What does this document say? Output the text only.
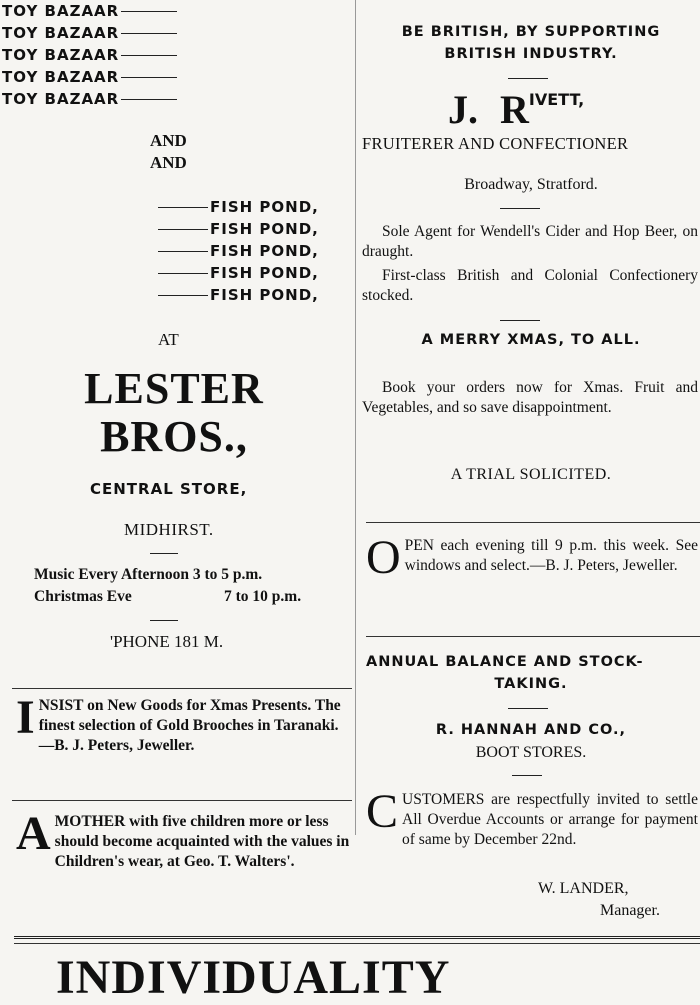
TOY BAZAAR
TOY BAZAAR
TOY BAZAAR
TOY BAZAAR
TOY BAZAAR
AND
AND
FISH POND,
FISH POND,
FISH POND,
FISH POND,
FISH POND,
AT
LESTER
BROS.,
CENTRAL STORE,
MIDHIRST.
Music Every Afternoon 3 to 5 p.m.
Christmas Eve	7 to 10 p.m.
'PHONE 181 M.
INSIST on New Goods for Xmas Presents. The finest selection of Gold Brooches in Taranaki.—B. J. Peters, Jeweller.
AMOTHER with five children more or less should become acquainted with the values in Children's wear, at Geo. T. Walters'.
BE BRITISH, BY SUPPORTING
BRITISH INDUSTRY.
J. RIVETT,
FRUITERER AND CONFECTIONER
Broadway, Stratford.
Sole Agent for Wendell's Cider and Hop Beer, on draught.
First-class British and Colonial Confectionery stocked.
A MERRY XMAS, TO ALL.
Book your orders now for Xmas. Fruit and Vegetables, and so save disappointment.
A TRIAL SOLICITED.
OPEN each evening till 9 p.m. this week. See windows and select.—B. J. Peters, Jeweller.
ANNUAL BALANCE AND STOCK-
TAKING.
R. HANNAH AND CO.,
BOOT STORES.
CUSTOMERS are respectfully invited to settle All Overdue Accounts or arrange for payment of same by December 22nd.
W. LANDER,
Manager.
INDIVIDUALITY
